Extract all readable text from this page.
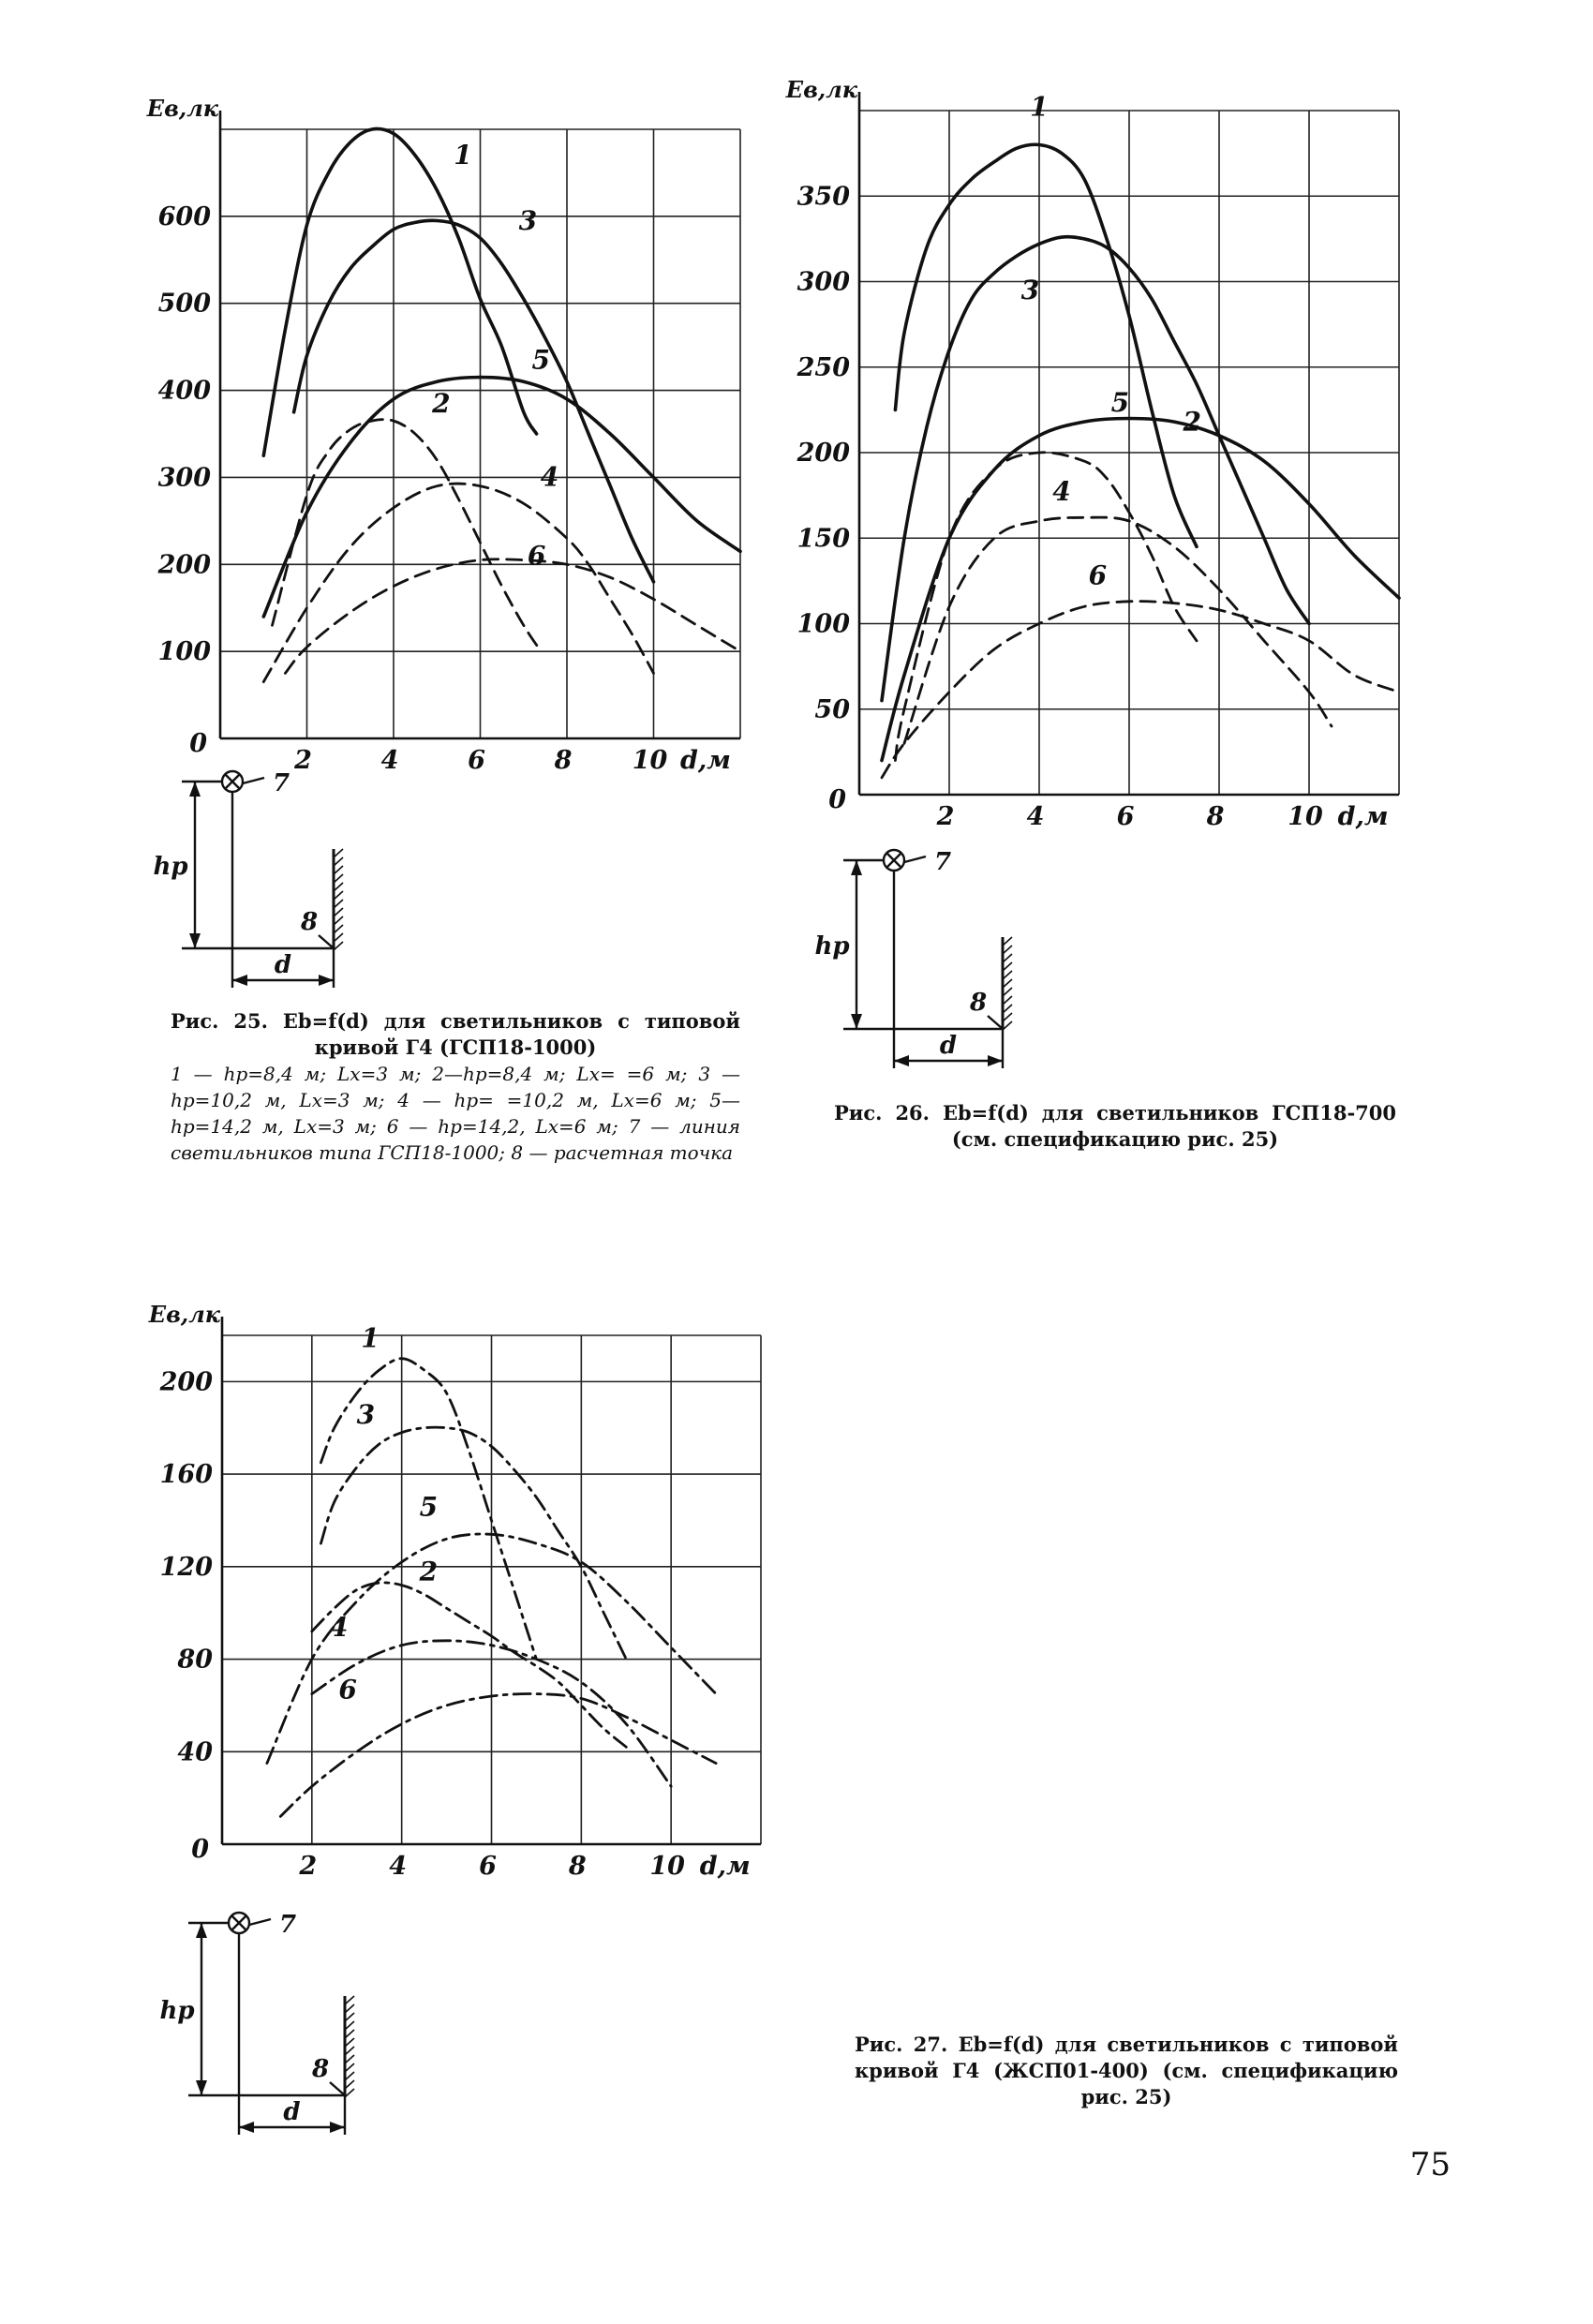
100
200
300
400
500
600
2	4	6	8 10
0
Eв,лк
d,м
1
3
5
2
4
6
50
100
150
200
250
300
350
2	4	6	8	10
0
Eв,лк
d,м
1
3
5
2
4
6
40
80
120
160
200
2	4	6	8	10
0
Eв,лк
d,м
1
3
5
2
4
6
7
8
d
hp	7
8
d
hp
7
8
d
hp
Рис. 25. Eb=f(d) для светильников с типовой кривой Г4 (ГСП18-1000)
1 — hp=8,4 м; Lx=3 м; 2—hp=8,4 м; Lx= =6 м; 3 — hp=10,2 м, Lx=3 м; 4 — hp= =10,2 м, Lx=6 м; 5—hp=14,2 м, Lx=3 м; 6 — hp=14,2, Lx=6 м; 7 — линия светильников типа ГСП18-1000; 8 — расчетная точка
Рис. 26. Eb=f(d) для светильников ГСП18-700 (см. спецификацию рис. 25)
Рис. 27. Eb=f(d) для светильников с типовой кривой Г4 (ЖСП01-400) (см. спецификацию рис. 25)
75
